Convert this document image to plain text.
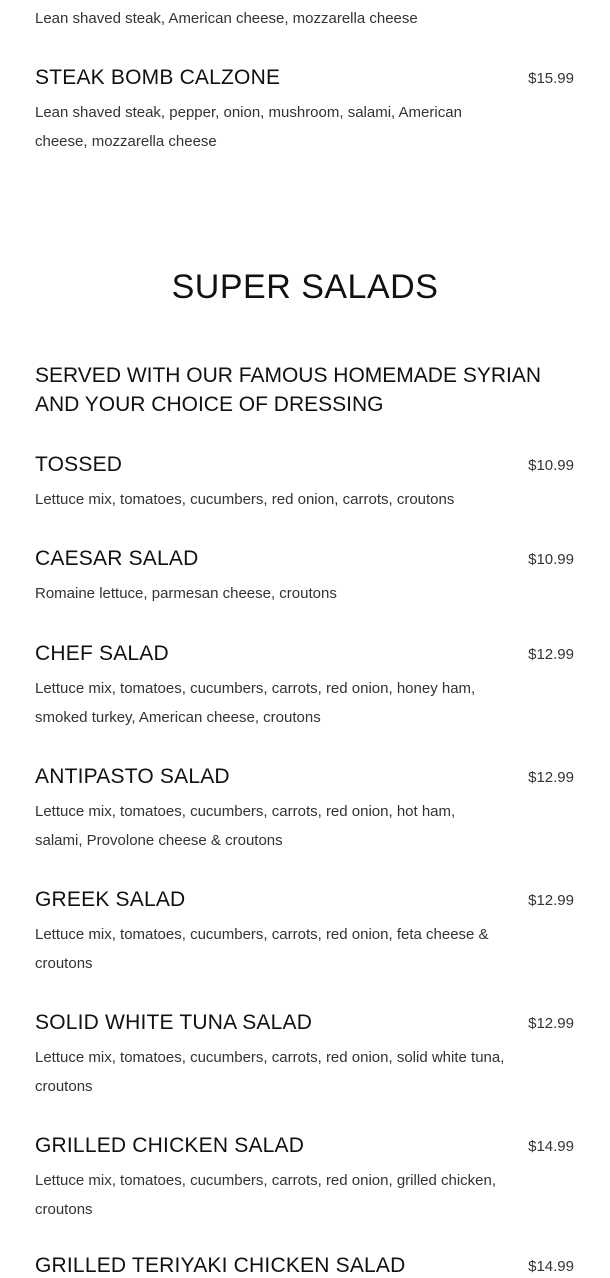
Lean shaved steak, American cheese, mozzarella cheese
STEAK BOMB CALZONE	$15.99
Lean shaved steak, pepper, onion, mushroom, salami, American cheese, mozzarella cheese
SUPER SALADS
SERVED WITH OUR FAMOUS HOMEMADE SYRIAN AND YOUR CHOICE OF DRESSING
TOSSED	$10.99
Lettuce mix, tomatoes, cucumbers, red onion, carrots, croutons
CAESAR SALAD	$10.99
Romaine lettuce, parmesan cheese, croutons
CHEF SALAD	$12.99
Lettuce mix, tomatoes, cucumbers, carrots, red onion, honey ham, smoked turkey, American cheese, croutons
ANTIPASTO SALAD	$12.99
Lettuce mix, tomatoes, cucumbers, carrots, red onion, hot ham, salami, Provolone cheese & croutons
GREEK SALAD	$12.99
Lettuce mix, tomatoes, cucumbers, carrots, red onion, feta cheese & croutons
SOLID WHITE TUNA SALAD	$12.99
Lettuce mix, tomatoes, cucumbers, carrots, red onion, solid white tuna, croutons
GRILLED CHICKEN SALAD	$14.99
Lettuce mix, tomatoes, cucumbers, carrots, red onion, grilled chicken, croutons
GRILLED TERIYAKI CHICKEN SALAD	$14.99
